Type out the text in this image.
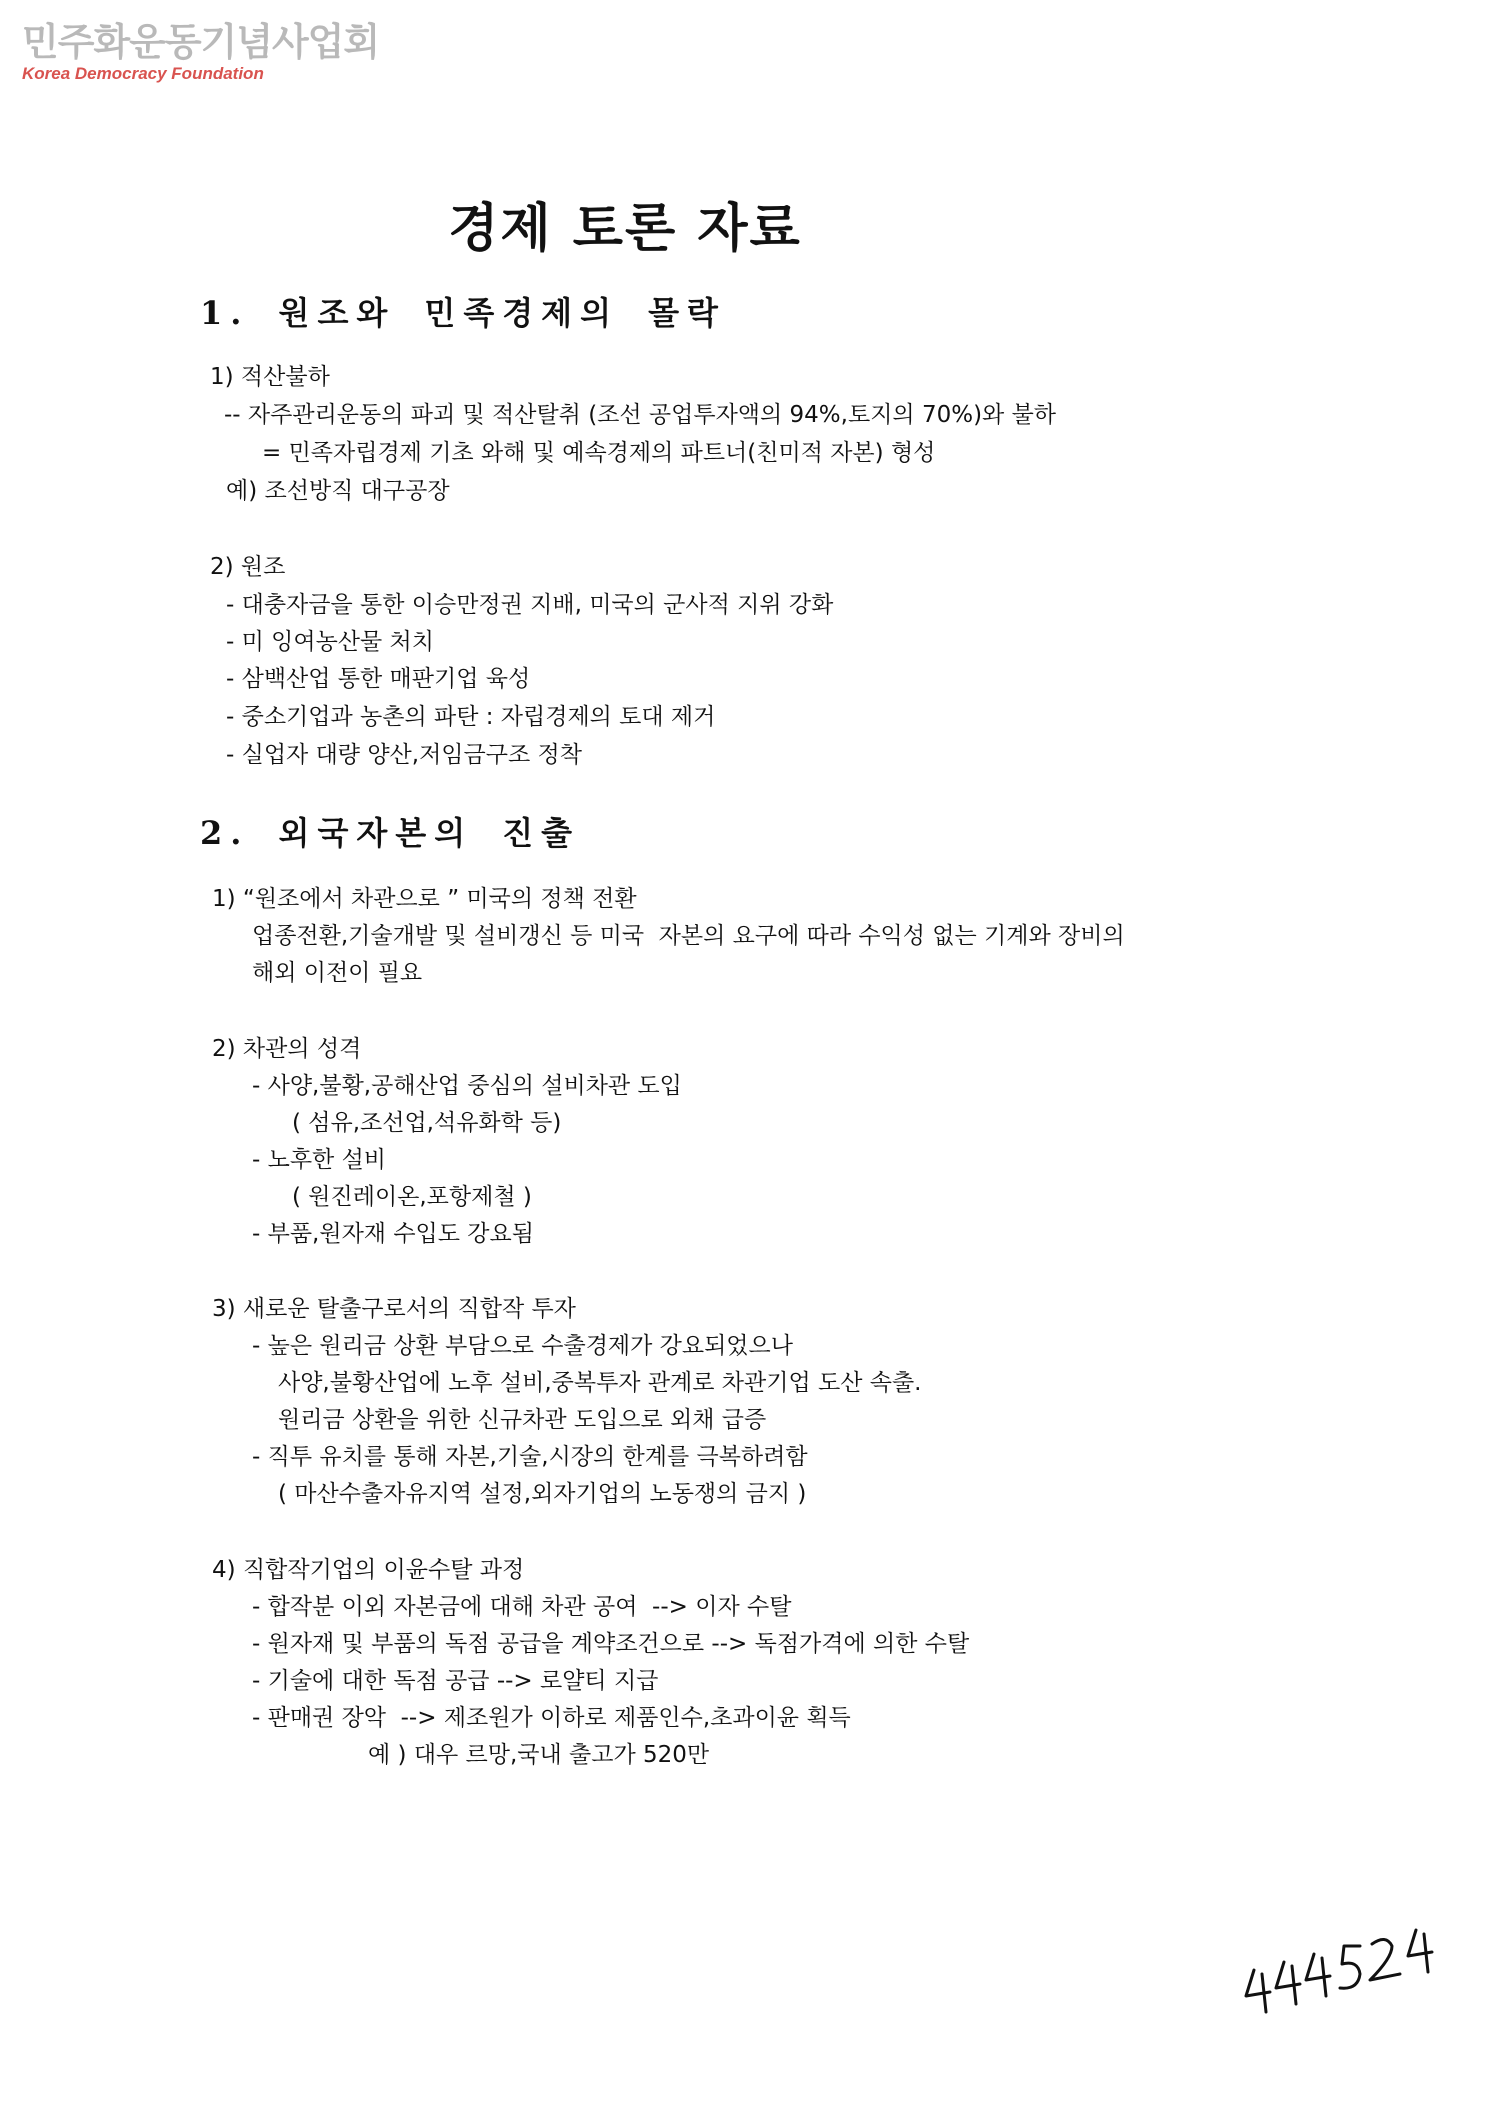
민주화운동기념사업회
Korea Democracy Foundation
경제 토론 자료
1. 원조와 민족경제의 몰락
1) 적산불하
-- 자주관리운동의 파괴 및 적산탈취 (조선 공업투자액의 94%,토지의 70%)와 불하
= 민족자립경제 기초 와해 및 예속경제의 파트너(친미적 자본) 형성
예) 조선방직 대구공장
2) 원조
- 대충자금을 통한 이승만정권 지배, 미국의 군사적 지위 강화
- 미 잉여농산물 처치
- 삼백산업 통한 매판기업 육성
- 중소기업과 농촌의 파탄 : 자립경제의 토대 제거
- 실업자 대량 양산,저임금구조 정착
2. 외국자본의 진출
1) “원조에서 차관으로 ” 미국의 정책 전환
업종전환,기술개발 및 설비갱신 등 미국  자본의 요구에 따라 수익성 없는 기계와 장비의
해외 이전이 필요
2) 차관의 성격
- 사양,불황,공해산업 중심의 설비차관 도입
( 섬유,조선업,석유화학 등)
- 노후한 설비
( 원진레이온,포항제철 )
- 부품,원자재 수입도 강요됨
3) 새로운 탈출구로서의 직합작 투자
- 높은 원리금 상환 부담으로 수출경제가 강요되었으나
사양,불황산업에 노후 설비,중복투자 관계로 차관기업 도산 속출.
원리금 상환을 위한 신규차관 도입으로 외채 급증
- 직투 유치를 통해 자본,기술,시장의 한계를 극복하려함
( 마산수출자유지역 설정,외자기업의 노동쟁의 금지 )
4) 직합작기업의 이윤수탈 과정
- 합작분 이외 자본금에 대해 차관 공여  --> 이자 수탈
- 원자재 및 부품의 독점 공급을 계약조건으로 --> 독점가격에 의한 수탈
- 기술에 대한 독점 공급 --> 로얄티 지급
- 판매권 장악  --> 제조원가 이하로 제품인수,초과이윤 획득
예 ) 대우 르망,국내 출고가 520만
